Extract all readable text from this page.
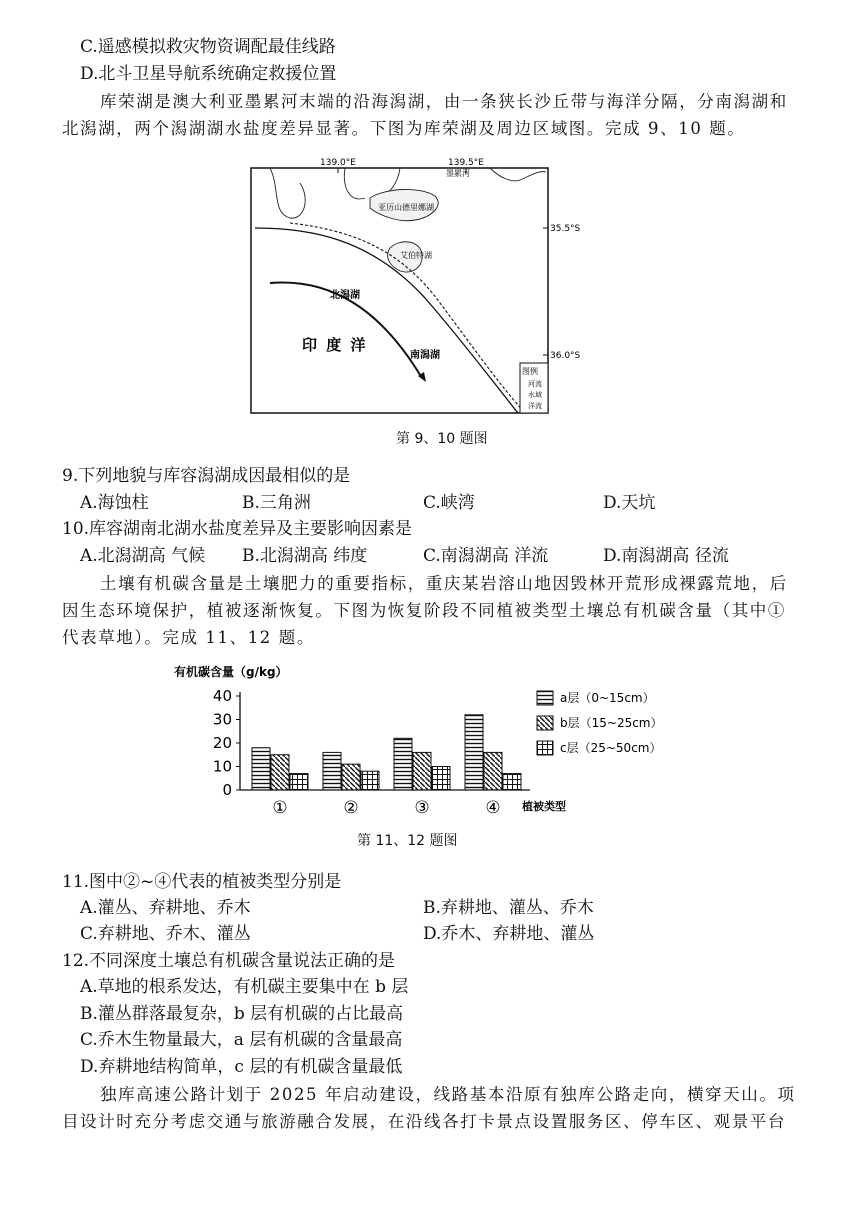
C.遥感模拟救灾物资调配最佳线路
D.北斗卫星导航系统确定救援位置
库荣湖是澳大利亚墨累河末端的沿海潟湖，由一条狭长沙丘带与海洋分隔，分南潟湖和
北潟湖，两个潟湖湖水盐度差异显著。下图为库荣湖及周边区域图。完成 9、10 题。
139.0°E	139.5°E
35.5°S
36.0°S
亚历山德里娜湖
艾伯特湖
墨累河
北潟湖
南潟湖
印 度 洋
图例
河流
水域
洋流
第 9、10 题图
9.下列地貌与库容潟湖成因最相似的是
A.海蚀柱	B.三角洲	C.峡湾	D.天坑
10.库容湖南北湖水盐度差异及主要影响因素是
A.北潟湖高 气候 B.北潟湖高 纬度	C.南潟湖高 洋流	D.南潟湖高 径流
土壤有机碳含量是土壤肥力的重要指标，重庆某岩溶山地因毁林开荒形成裸露荒地，后
因生态环境保护，植被逐渐恢复。下图为恢复阶段不同植被类型土壤总有机碳含量（其中①
代表草地）。完成 11、12 题。
有机碳含量（g/kg）
0
10
20
30
40
①	②	③	④ 植被类型
a层（0~15cm）
b层（15~25cm）
c层（25~50cm）
第 11、12 题图
11.图中②~④代表的植被类型分别是
A.灌丛、弃耕地、乔木	B.弃耕地、灌丛、乔木
C.弃耕地、乔木、灌丛	D.乔木、弃耕地、灌丛
12.不同深度土壤总有机碳含量说法正确的是
A.草地的根系发达，有机碳主要集中在 b 层
B.灌丛群落最复杂，b 层有机碳的占比最高
C.乔木生物量最大，a 层有机碳的含量最高
D.弃耕地结构简单，c 层的有机碳含量最低
独库高速公路计划于 2025 年启动建设，线路基本沿原有独库公路走向，横穿天山。项
目设计时充分考虑交通与旅游融合发展，在沿线各打卡景点设置服务区、停车区、观景平台
